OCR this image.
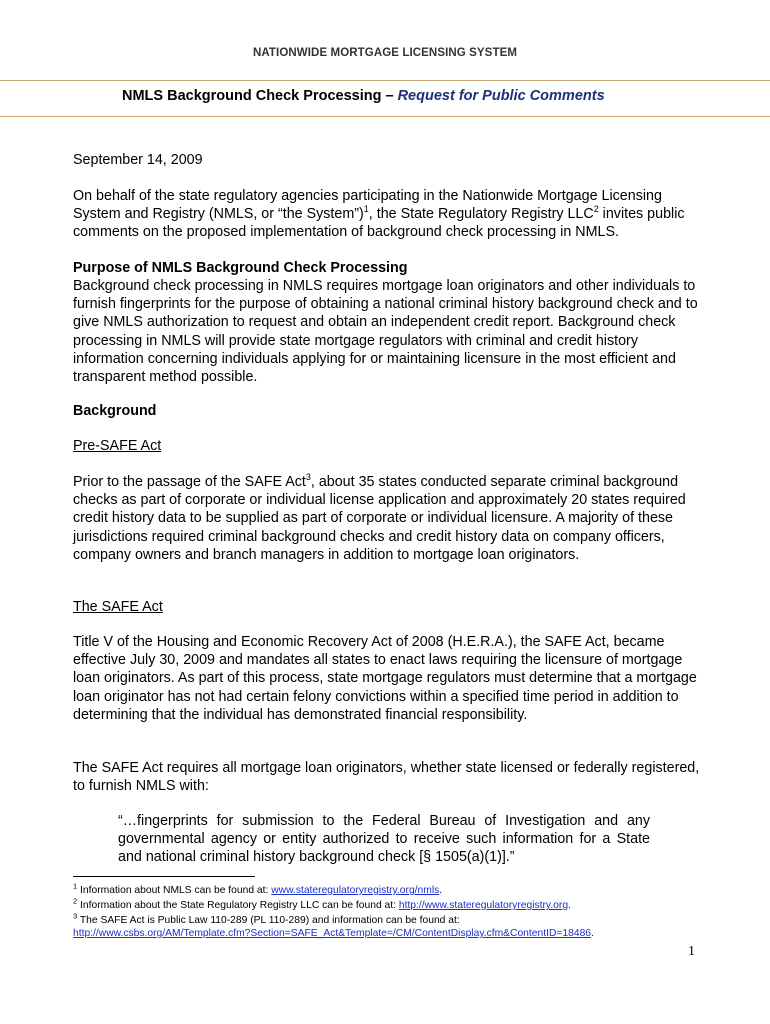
NATIONWIDE MORTGAGE LICENSING SYSTEM
NMLS Background Check Processing – Request for Public Comments
September 14, 2009

On behalf of the state regulatory agencies participating in the Nationwide Mortgage Licensing System and Registry (NMLS, or “the System”)$^1$, the State Regulatory Registry LLC$^2$ invites public comments on the proposed implementation of background check processing in NMLS.

Purpose of NMLS Background Check Processing

Background check processing in NMLS requires mortgage loan originators and other individuals to furnish fingerprints for the purpose of obtaining a national criminal history background check and to give NMLS authorization to request and obtain an independent credit report. Background check processing in NMLS will provide state mortgage regulators with criminal and credit history information concerning individuals applying for or maintaining licensure in the most efficient and transparent method possible.

Background
Pre-SAFE Act

Prior to the passage of the SAFE Act$^3$, about 35 states conducted separate criminal background checks as part of corporate or individual license application and approximately 20 states required credit history data to be supplied as part of corporate or individual licensure. A majority of these jurisdictions required criminal background checks and credit history data on company officers, company owners and branch managers in addition to mortgage loan originators.

The SAFE Act

Title V of the Housing and Economic Recovery Act of 2008 (H.E.R.A.), the SAFE Act, became effective July 30, 2009 and mandates all states to enact laws requiring the licensure of mortgage loan originators. As part of this process, state mortgage regulators must determine that a mortgage loan originator has not had certain felony convictions within a specified time period in addition to determining that the individual has demonstrated financial responsibility.

The SAFE Act requires all mortgage loan originators, whether state licensed or federally registered, to furnish NMLS with:

“…fingerprints for submission to the Federal Bureau of Investigation and any governmental agency or entity authorized to receive such information for a State and national criminal history background check [§ 1505(a)(1)].”

$^1$ Information about NMLS can be found at: www.stateregulatoryregistry.org/nmls.
$^2$ Information about the State Regulatory Registry LLC can be found at: http://www.stateregulatoryregistry.org.
$^3$ The SAFE Act is Public Law 110-289 (PL 110-289) and information can be found at:
http://www.csbs.org/AM/Template.cfm?Section=SAFE_Act&Template=/CM/ContentDisplay.cfm&ContentID=18486.
1
